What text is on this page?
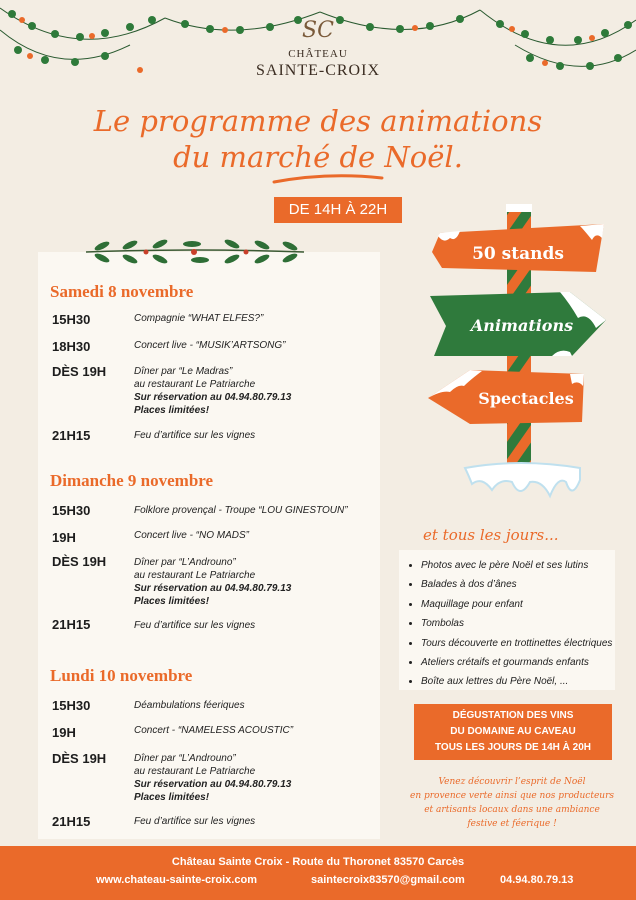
SC
CHÂTEAU
SAINTE-CROIX
Le programme des animations
du marché de Noël.
DE 14H À 22H
Samedi 8 novembre
15H30	Compagnie “WHAT ELFES?”
18H30	Concert live - “MUSIK’ARTSONG”
DÈS 19H	Dîner par “Le Madras”
au restaurant Le Patriarche
Sur réservation au 04.94.80.79.13
Places limitées!
21H15	Feu d’artifice sur les vignes
Dimanche 9 novembre
15H30	Folklore provençal - Troupe “LOU GINESTOUN”
19H	Concert live - “NO MADS”
DÈS 19H	Dîner par “L’Androuno”
au restaurant Le Patriarche
Sur réservation au 04.94.80.79.13
Places limitées!
21H15	Feu d’artifice sur les vignes
Lundi 10 novembre
15H30	Déambulations féeriques
19H	Concert - “NAMELESS ACOUSTIC”
DÈS 19H	Dîner par “L’Androuno”
au restaurant Le Patriarche
Sur réservation au 04.94.80.79.13
Places limitées!
21H15	Feu d’artifice sur les vignes
50 stands
Animations
Spectacles
et tous les jours...
• Photos avec le père Noël et ses lutins
• Balades à dos d’ânes
• Maquillage pour enfant
• Tombolas
• Tours découverte en trottinettes électriques
• Ateliers crétaifs et gourmands enfants
• Boîte aux lettres du Père Noël, ...
DÉGUSTATION DES VINS
DU DOMAINE AU CAVEAU
TOUS LES JOURS DE 14H À 20H
Venez découvrir l’esprit de Noël
en provence verte ainsi que nos producteurs
et artisants locaux dans une ambiance
festive et féerique !
Château Sainte Croix - Route du Thoronet 83570 Carcès
www.chateau-sainte-croix.com	saintecroix83570@gmail.com	04.94.80.79.13
